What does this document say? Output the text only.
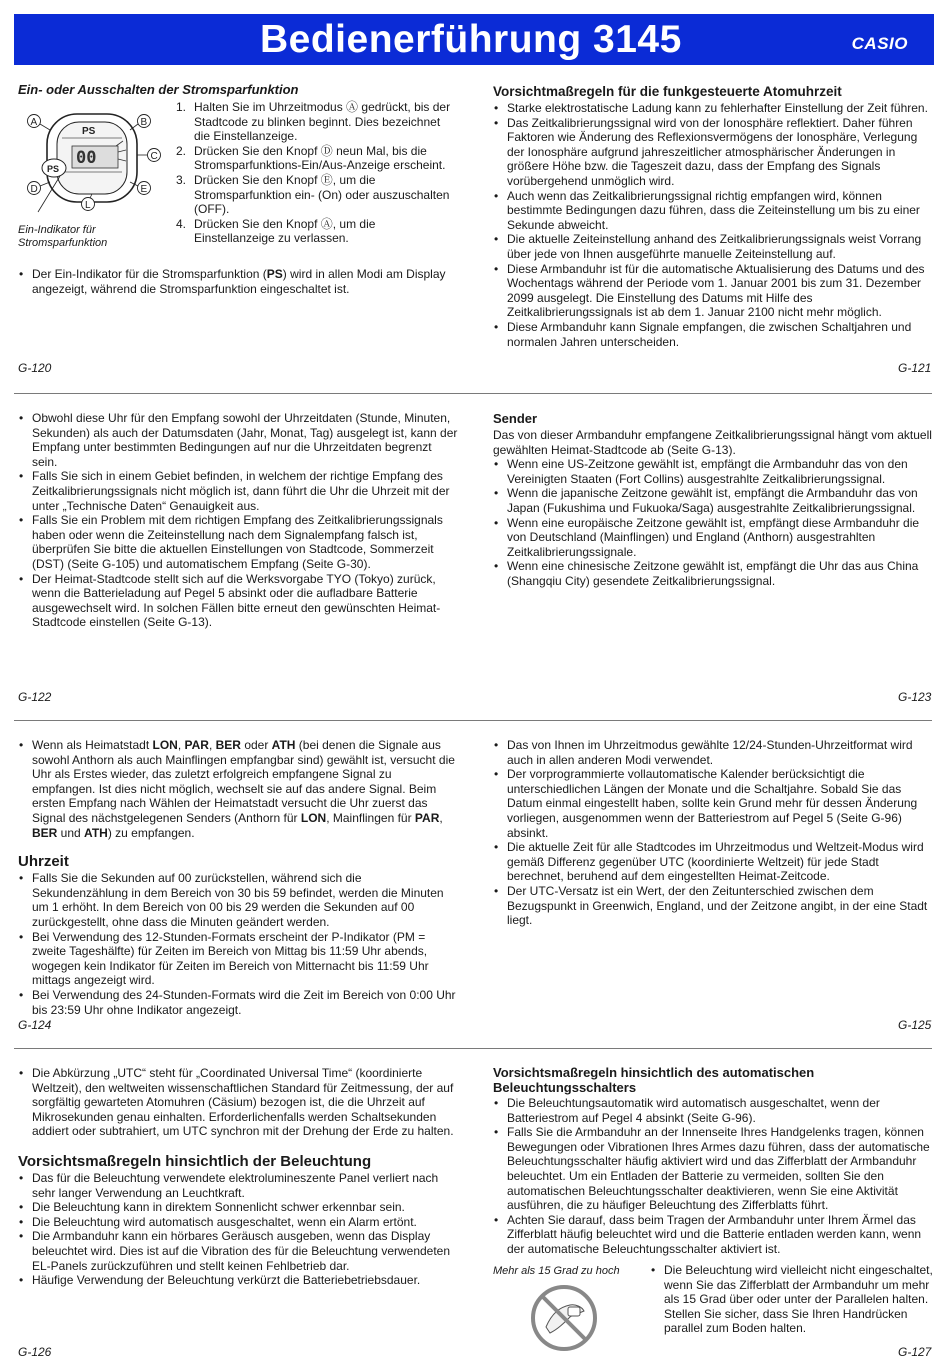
Bedienerführung 3145	CASIO
Ein- oder Ausschalten der Stromsparfunktion
00
PS
PS
A	B
C
D	E
L
Ein-Indikator für
Stromsparfunktion
1. Halten Sie im Uhrzeitmodus Ⓐ gedrückt, bis der Stadtcode zu blinken beginnt. Dies bezeichnet die Einstellanzeige.
2. Drücken Sie den Knopf Ⓓ neun Mal, bis die Stromsparfunktions-Ein/Aus-Anzeige erscheint.
3. Drücken Sie den Knopf Ⓔ, um die Stromsparfunktion ein- (On) oder auszuschalten (OFF).
4. Drücken Sie den Knopf Ⓐ, um die Einstellanzeige zu verlassen.
• Der Ein-Indikator für die Stromsparfunktion (PS) wird in allen Modi am Display angezeigt, während die Stromsparfunktion eingeschaltet ist.
G-120
Vorsichtmaßregeln für die funkgesteuerte Atomuhrzeit
• Starke elektrostatische Ladung kann zu fehlerhafter Einstellung der Zeit führen.
• Das Zeitkalibrierungssignal wird von der Ionosphäre reflektiert. Daher führen Faktoren wie Änderung des Reflexionsvermögens der Ionosphäre, Verlegung der Ionosphäre aufgrund jahreszeitlicher atmosphärischer Änderungen in größere Höhe bzw. die Tageszeit dazu, dass der Empfang des Signals vorübergehend unmöglich wird.
• Auch wenn das Zeitkalibrierungssignal richtig empfangen wird, können bestimmte Bedingungen dazu führen, dass die Zeiteinstellung um bis zu einer Sekunde abweicht.
• Die aktuelle Zeiteinstellung anhand des Zeitkalibrierungssignals weist Vorrang über jede von Ihnen ausgeführte manuelle Zeiteinstellung auf.
• Diese Armbanduhr ist für die automatische Aktualisierung des Datums und des Wochentags während der Periode vom 1. Januar 2001 bis zum 31. Dezember 2099 ausgelegt. Die Einstellung des Datums mit Hilfe des Zeitkalibrierungssignals ist ab dem 1. Januar 2100 nicht mehr möglich.
• Diese Armbanduhr kann Signale empfangen, die zwischen Schaltjahren und normalen Jahren unterscheiden.
G-121
• Obwohl diese Uhr für den Empfang sowohl der Uhrzeitdaten (Stunde, Minuten, Sekunden) als auch der Datumsdaten (Jahr, Monat, Tag) ausgelegt ist, kann der Empfang unter bestimmten Bedingungen auf nur die Uhrzeitdaten begrenzt sein.
• Falls Sie sich in einem Gebiet befinden, in welchem der richtige Empfang des Zeitkalibrierungssignals nicht möglich ist, dann führt die Uhr die Uhrzeit mit der unter „Technische Daten“ Genauigkeit aus.
• Falls Sie ein Problem mit dem richtigen Empfang des Zeitkalibrierungssignals haben oder wenn die Zeiteinstellung nach dem Signalempfang falsch ist, überprüfen Sie bitte die aktuellen Einstellungen von Stadtcode, Sommerzeit (DST) (Seite G-105) und automatischem Empfang (Seite G-30).
• Der Heimat-Stadtcode stellt sich auf die Werksvorgabe TYO (Tokyo) zurück, wenn die Batterieladung auf Pegel 5 absinkt oder die aufladbare Batterie ausgewechselt wird. In solchen Fällen bitte erneut den gewünschten Heimat-Stadtcode einstellen (Seite G-13).
G-122
Sender
Das von dieser Armbanduhr empfangene Zeitkalibrierungssignal hängt vom aktuell gewählten Heimat-Stadtcode ab (Seite G-13).
• Wenn eine US-Zeitzone gewählt ist, empfängt die Armbanduhr das von den Vereinigten Staaten (Fort Collins) ausgestrahlte Zeitkalibrierungssignal.
• Wenn die japanische Zeitzone gewählt ist, empfängt die Armbanduhr das von Japan (Fukushima und Fukuoka/Saga) ausgestrahlte Zeitkalibrierungssignal.
• Wenn eine europäische Zeitzone gewählt ist, empfängt diese Armbanduhr die von Deutschland (Mainflingen) und England (Anthorn) ausgestrahlten Zeitkalibrierungssignale.
• Wenn eine chinesische Zeitzone gewählt ist, empfängt die Uhr das aus China (Shangqiu City) gesendete Zeitkalibrierungssignal.
G-123
• Wenn als Heimatstadt LON, PAR, BER oder ATH (bei denen die Signale aus sowohl Anthorn als auch Mainflingen empfangbar sind) gewählt ist, versucht die Uhr als Erstes wieder, das zuletzt erfolgreich empfangene Signal zu empfangen. Ist dies nicht möglich, wechselt sie auf das andere Signal. Beim ersten Empfang nach Wählen der Heimatstadt versucht die Uhr zuerst das Signal des nächstgelegenen Senders (Anthorn für LON, Mainflingen für PAR, BER und ATH) zu empfangen.
Uhrzeit
• Falls Sie die Sekunden auf 00 zurückstellen, während sich die Sekundenzählung in dem Bereich von 30 bis 59 befindet, werden die Minuten um 1 erhöht. In dem Bereich von 00 bis 29 werden die Sekunden auf 00 zurückgestellt, ohne dass die Minuten geändert werden.
• Bei Verwendung des 12-Stunden-Formats erscheint der P-Indikator (PM = zweite Tageshälfte) für Zeiten im Bereich von Mittag bis 11:59 Uhr abends, wogegen kein Indikator für Zeiten im Bereich von Mitternacht bis 11:59 Uhr mittags angezeigt wird.
• Bei Verwendung des 24-Stunden-Formats wird die Zeit im Bereich von 0:00 Uhr bis 23:59 Uhr ohne Indikator angezeigt.
G-124
• Das von Ihnen im Uhrzeitmodus gewählte 12/24-Stunden-Uhrzeitformat wird auch in allen anderen Modi verwendet.
• Der vorprogrammierte vollautomatische Kalender berücksichtigt die unterschiedlichen Längen der Monate und die Schaltjahre. Sobald Sie das Datum einmal eingestellt haben, sollte kein Grund mehr für dessen Änderung vorliegen, ausgenommen wenn der Batteriestrom auf Pegel 5 (Seite G-96) absinkt.
• Die aktuelle Zeit für alle Stadtcodes im Uhrzeitmodus und Weltzeit-Modus wird gemäß Differenz gegenüber UTC (koordinierte Weltzeit) für jede Stadt berechnet, beruhend auf dem eingestellten Heimat-Zeitcode.
• Der UTC-Versatz ist ein Wert, der den Zeitunterschied zwischen dem Bezugspunkt in Greenwich, England, und der Zeitzone angibt, in der eine Stadt liegt.
G-125
• Die Abkürzung „UTC“ steht für „Coordinated Universal Time“ (koordinierte Weltzeit), den weltweiten wissenschaftlichen Standard für Zeitmessung, der auf sorgfältig gewarteten Atomuhren (Cäsium) bezogen ist, die die Uhrzeit auf Mikrosekunden genau einhalten. Erforderlichenfalls werden Schaltsekunden addiert oder subtrahiert, um UTC synchron mit der Drehung der Erde zu halten.
Vorsichtsmaßregeln hinsichtlich der Beleuchtung
• Das für die Beleuchtung verwendete elektrolumineszente Panel verliert nach sehr langer Verwendung an Leuchtkraft.
• Die Beleuchtung kann in direktem Sonnenlicht schwer erkennbar sein.
• Die Beleuchtung wird automatisch ausgeschaltet, wenn ein Alarm ertönt.
• Die Armbanduhr kann ein hörbares Geräusch ausgeben, wenn das Display beleuchtet wird. Dies ist auf die Vibration des für die Beleuchtung verwendeten EL-Panels zurückzuführen und stellt keinen Fehlbetrieb dar.
• Häufige Verwendung der Beleuchtung verkürzt die Batteriebetriebsdauer.
G-126
Vorsichtsmaßregeln hinsichtlich des automatischen
Beleuchtungsschalters
• Die Beleuchtungsautomatik wird automatisch ausgeschaltet, wenn der Batteriestrom auf Pegel 4 absinkt (Seite G-96).
• Falls Sie die Armbanduhr an der Innenseite Ihres Handgelenks tragen, können Bewegungen oder Vibrationen Ihres Armes dazu führen, dass der automatische Beleuchtungsschalter häufig aktiviert wird und das Zifferblatt der Armbanduhr beleuchtet. Um ein Entladen der Batterie zu vermeiden, sollten Sie den automatischen Beleuchtungsschalter deaktivieren, wenn Sie eine Aktivität ausführen, die zu häufiger Beleuchtung des Zifferblatts führt.
• Achten Sie darauf, dass beim Tragen der Armbanduhr unter Ihrem Ärmel das Zifferblatt häufig beleuchtet wird und die Batterie entladen werden kann, wenn der automatische Beleuchtungsschalter aktiviert ist.
Mehr als 15 Grad zu hoch
•	Die Beleuchtung wird vielleicht nicht eingeschaltet, wenn Sie das Zifferblatt der Armbanduhr um mehr als 15 Grad über oder unter der Parallelen halten. Stellen Sie sicher, dass Sie Ihren Handrücken parallel zum Boden halten.
G-127
